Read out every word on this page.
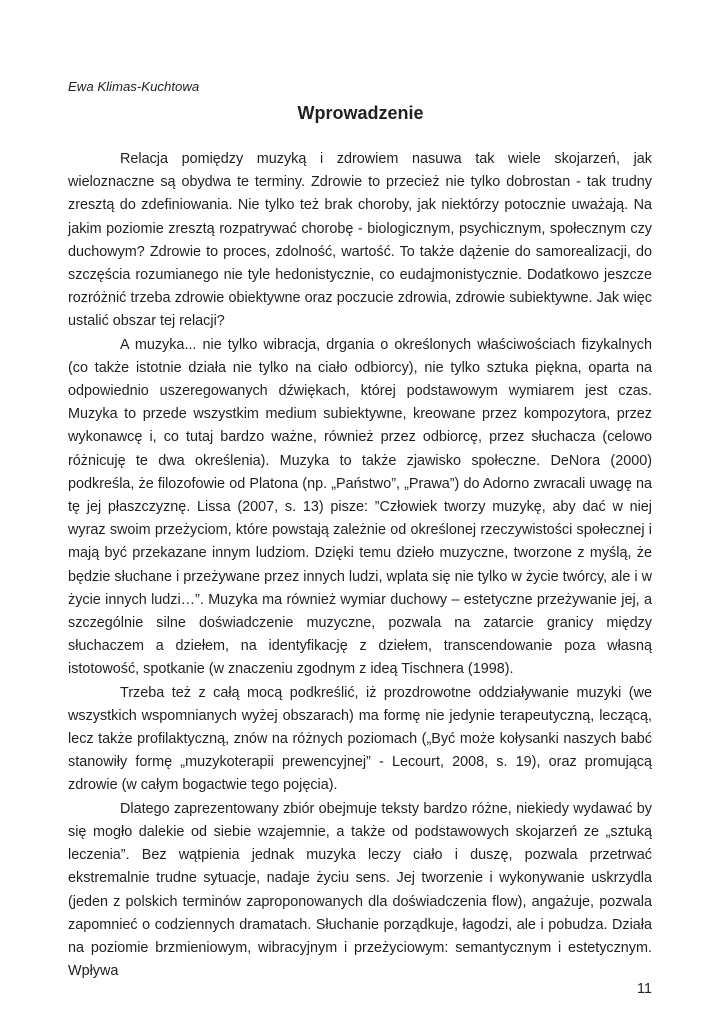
Ewa Klimas-Kuchtowa

Wprowadzenie

Relacja pomiędzy muzyką i zdrowiem nasuwa tak wiele skojarzeń, jak wieloznaczne są obydwa te terminy. Zdrowie to przecież nie tylko dobrostan - tak trudny zresztą do zdefiniowania. Nie tylko też brak choroby, jak niektórzy potocznie uważają. Na jakim poziomie zresztą rozpatrywać chorobę - biologicznym, psychicznym, społecznym czy duchowym? Zdrowie to proces, zdolność, wartość. To także dążenie do samorealizacji, do szczęścia rozumianego nie tyle hedonistycznie, co eudajmonistycznie. Dodatkowo jeszcze rozróżnić trzeba zdrowie obiektywne oraz poczucie zdrowia, zdrowie subiektywne. Jak więc ustalić obszar tej relacji?

A muzyka... nie tylko wibracja, drgania o określonych właściwościach fizykalnych (co także istotnie działa nie tylko na ciało odbiorcy), nie tylko sztuka piękna, oparta na odpowiednio uszeregowanych dźwiękach, której podstawowym wymiarem jest czas. Muzyka to przede wszystkim medium subiektywne, kreowane przez kompozytora, przez wykonawcę i, co tutaj bardzo ważne, również przez odbiorcę, przez słuchacza (celowo różnicuję te dwa określenia). Muzyka to także zjawisko społeczne. DeNora (2000) podkreśla, że filozofowie od Platona (np. „Państwo”, „Prawa”) do Adorno zwracali uwagę na tę jej płaszczyznę. Lissa (2007, s. 13) pisze: ”Człowiek tworzy muzykę, aby dać w niej wyraz swoim przeżyciom, które powstają zależnie od określonej rzeczywistości społecznej i mają być przekazane innym ludziom. Dzięki temu dzieło muzyczne, tworzone z myślą, że będzie słuchane i przeżywane przez innych ludzi, wplata się nie tylko w życie twórcy, ale i w życie innych ludzi…”. Muzyka ma również wymiar duchowy – estetyczne przeżywanie jej, a szczególnie silne doświadczenie muzyczne, pozwala na zatarcie granicy między słuchaczem a dziełem, na identyfikację z dziełem, transcendowanie poza własną istotowość, spotkanie (w znaczeniu zgodnym z ideą Tischnera (1998).

Trzeba też z całą mocą podkreślić, iż prozdrowotne oddziaływanie muzyki (we wszystkich wspomnianych wyżej obszarach) ma formę nie jedynie terapeutyczną, leczącą, lecz także profilaktyczną, znów na różnych poziomach („Być może kołysanki naszych babć stanowiły formę „muzykoterapii prewencyjnej” - Lecourt, 2008, s. 19), oraz promującą zdrowie (w całym bogactwie tego pojęcia).

Dlatego zaprezentowany zbiór obejmuje teksty bardzo różne, niekiedy wydawać by się mogło dalekie od siebie wzajemnie, a także od podstawowych skojarzeń ze „sztuką leczenia”. Bez wątpienia jednak muzyka leczy ciało i duszę, pozwala przetrwać ekstremalnie trudne sytuacje, nadaje życiu sens. Jej tworzenie i wykonywanie uskrzydla (jeden z polskich terminów zaproponowanych dla doświadczenia flow), angażuje, pozwala zapomnieć o codziennych dramatach. Słuchanie porządkuje, łagodzi, ale i pobudza. Działa na poziomie brzmieniowym, wibracyjnym i przeżyciowym: semantycznym i estetycznym. Wpływa

11
